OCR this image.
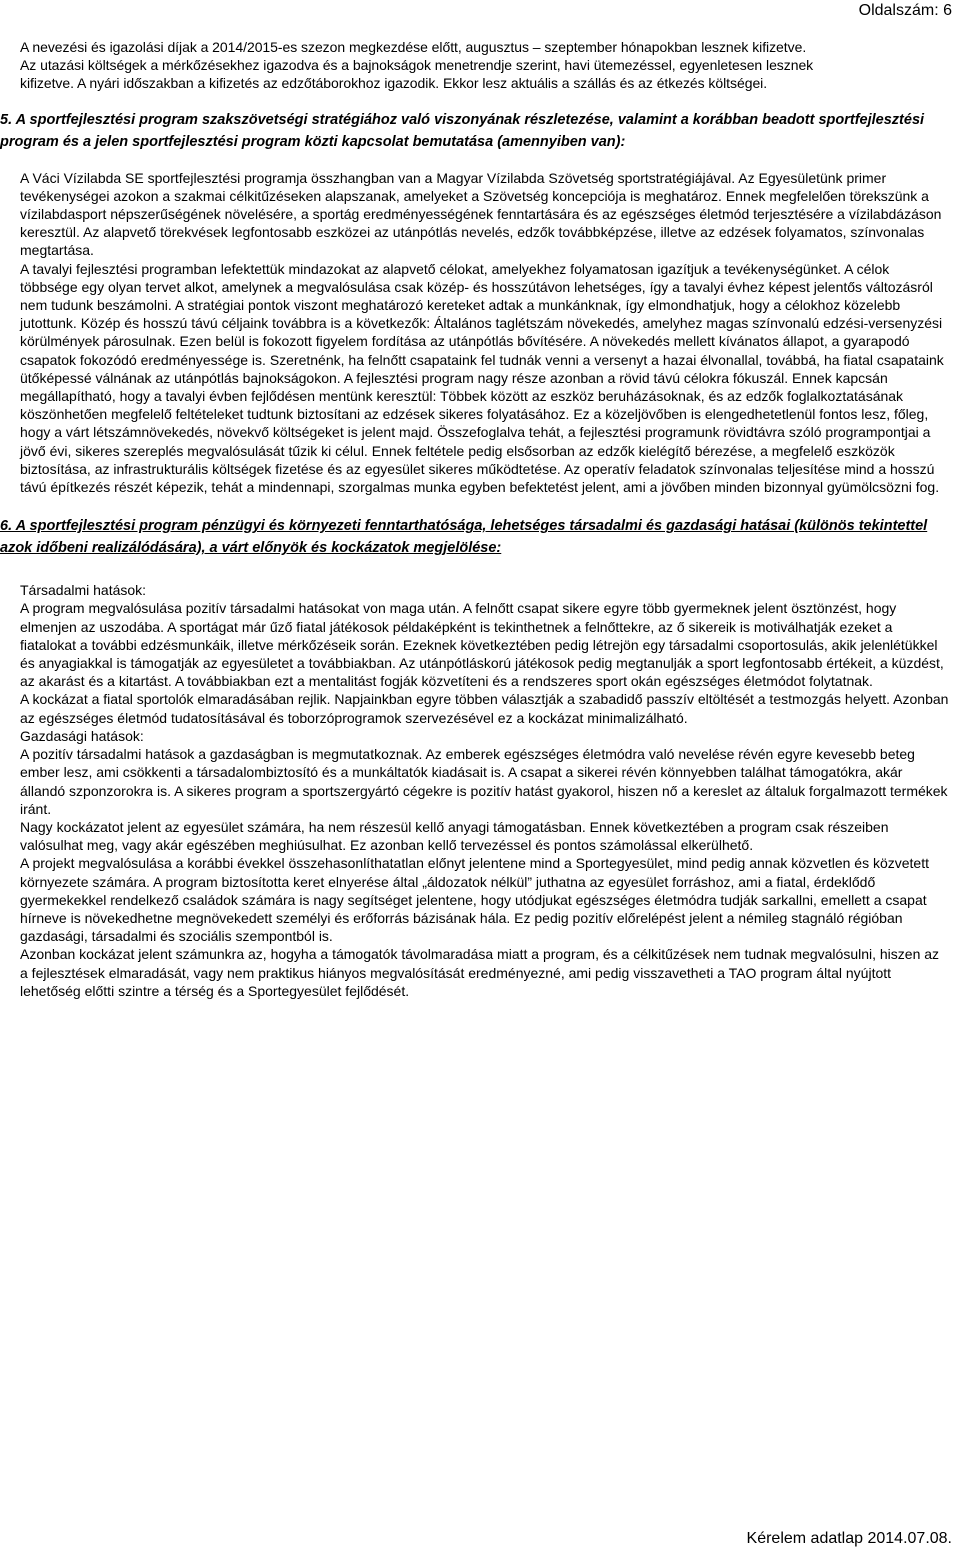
Oldalszám: 6

A nevezési és igazolási díjak a 2014/2015-es szezon megkezdése előtt, augusztus – szeptember hónapokban lesznek kifizetve.

Az utazási költségek a mérkőzésekhez igazodva és a bajnokságok menetrendje szerint, havi ütemezéssel, egyenletesen lesznek

kifizetve. A nyári időszakban a kifizetés az edzőtáborokhoz igazodik. Ekkor lesz aktuális a szállás és az étkezés költségei.

5. A sportfejlesztési program szakszövetségi stratégiához való viszonyának részletezése, valamint a korábban beadott sportfejlesztési program és a jelen sportfejlesztési program közti kapcsolat bemutatása (amennyiben van):

A Váci Vízilabda SE sportfejlesztési programja összhangban van a Magyar Vízilabda Szövetség sportstratégiájával. Az Egyesületünk primer tevékenységei azokon a szakmai célkitűzéseken alapszanak, amelyeket a Szövetség koncepciója is meghatároz. Ennek megfelelően törekszünk a vízilabdasport népszerűségének növelésére, a sportág eredményességének fenntartására és az egészséges életmód terjesztésére a vízilabdázáson keresztül. Az alapvető törekvések legfontosabb eszközei az utánpótlás nevelés, edzők továbbképzése, illetve az edzések folyamatos, színvonalas megtartása.

A tavalyi fejlesztési programban lefektettük mindazokat az alapvető célokat, amelyekhez folyamatosan igazítjuk a tevékenységünket. A célok többsége egy olyan tervet alkot, amelynek a megvalósulása csak közép- és hosszútávon lehetséges, így a tavalyi évhez képest jelentős változásról nem tudunk beszámolni. A stratégiai pontok viszont meghatározó kereteket adtak a munkánknak, így elmondhatjuk, hogy a célokhoz közelebb jutottunk. Közép és hosszú távú céljaink továbbra is a következők: Általános taglétszám növekedés, amelyhez magas színvonalú edzési-versenyzési körülmények párosulnak. Ezen belül is fokozott figyelem fordítása az utánpótlás bővítésére. A növekedés mellett kívánatos állapot, a gyarapodó csapatok fokozódó eredményessége is. Szeretnénk, ha felnőtt csapataink fel tudnák venni a versenyt a hazai élvonallal, továbbá, ha fiatal csapataink ütőképessé válnának az utánpótlás bajnokságokon. A fejlesztési program nagy része azonban a rövid távú célokra fókuszál. Ennek kapcsán megállapítható, hogy a tavalyi évben fejlődésen mentünk keresztül: Többek között az eszköz beruházásoknak, és az edzők foglalkoztatásának köszönhetően megfelelő feltételeket tudtunk biztosítani az edzések sikeres folyatásához. Ez a közeljövőben is elengedhetetlenül fontos lesz, főleg, hogy a várt létszámnövekedés, növekvő költségeket is jelent majd. Összefoglalva tehát, a fejlesztési programunk rövidtávra szóló programpontjai a jövő évi, sikeres szereplés megvalósulását tűzik ki célul. Ennek feltétele pedig elsősorban az edzők kielégítő bérezése, a megfelelő eszközök biztosítása, az infrastrukturális költségek fizetése és az egyesület sikeres működtetése. Az operatív feladatok színvonalas teljesítése mind a hosszú távú építkezés részét képezik, tehát a mindennapi, szorgalmas munka egyben befektetést jelent, ami a jövőben minden bizonnyal gyümölcsözni fog.

6. A sportfejlesztési program pénzügyi és környezeti fenntarthatósága, lehetséges társadalmi és gazdasági hatásai (különös tekintettel azok időbeni realizálódására), a várt előnyök és kockázatok megjelölése:

Társadalmi hatások:

A program megvalósulása pozitív társadalmi hatásokat von maga után. A felnőtt csapat sikere egyre több gyermeknek jelent ösztönzést, hogy elmenjen az uszodába. A sportágat már űző fiatal játékosok példaképként is tekinthetnek a felnőttekre, az ő sikereik is motiválhatják ezeket a fiatalokat a további edzésmunkáik, illetve mérkőzéseik során. Ezeknek következtében pedig létrejön egy társadalmi csoportosulás, akik jelenlétükkel és anyagiakkal is támogatják az egyesületet a továbbiakban. Az utánpótláskorú játékosok pedig megtanulják a sport legfontosabb értékeit, a küzdést, az akarást és a kitartást. A továbbiakban ezt a mentalitást fogják közvetíteni és a rendszeres sport okán egészséges életmódot folytatnak.

A kockázat a fiatal sportolók elmaradásában rejlik. Napjainkban egyre többen választják a szabadidő passzív eltöltését a testmozgás helyett. Azonban az egészséges életmód tudatosításával és toborzóprogramok szervezésével ez a kockázat minimalizálható.

Gazdasági hatások:

A pozitív társadalmi hatások a gazdaságban is megmutatkoznak. Az emberek egészséges életmódra való nevelése révén egyre kevesebb beteg ember lesz, ami csökkenti a társadalombiztosító és a munkáltatók kiadásait is. A csapat a sikerei révén könnyebben találhat támogatókra, akár állandó szponzorokra is. A sikeres program a sportszergyártó cégekre is pozitív hatást gyakorol, hiszen nő a kereslet az általuk forgalmazott termékek iránt.

Nagy kockázatot jelent az egyesület számára, ha nem részesül kellő anyagi támogatásban. Ennek következtében a program csak részeiben valósulhat meg, vagy akár egészében meghiúsulhat. Ez azonban kellő tervezéssel és pontos számolással elkerülhető.

A projekt megvalósulása a korábbi évekkel összehasonlíthatatlan előnyt jelentene mind a Sportegyesület, mind pedig annak közvetlen és közvetett környezete számára. A program biztosította keret elnyerése által „áldozatok nélkül” juthatna az egyesület forráshoz, ami a fiatal, érdeklődő gyermekekkel rendelkező családok számára is nagy segítséget jelentene, hogy utódjukat egészséges életmódra tudják sarkallni, emellett a csapat hírneve is növekedhetne megnövekedett személyi és erőforrás bázisának hála. Ez pedig pozitív előrelépést jelent a némileg stagnáló régióban gazdasági, társadalmi és szociális szempontból is.

Azonban kockázat jelent számunkra az, hogyha a támogatók távolmaradása miatt a program, és a célkitűzések nem tudnak megvalósulni, hiszen az a fejlesztések elmaradását, vagy nem praktikus hiányos megvalósítását eredményezné, ami pedig visszavetheti a TAO program által nyújtott lehetőség előtti szintre a térség és a Sportegyesület fejlődését.

Kérelem adatlap 2014.07.08.
